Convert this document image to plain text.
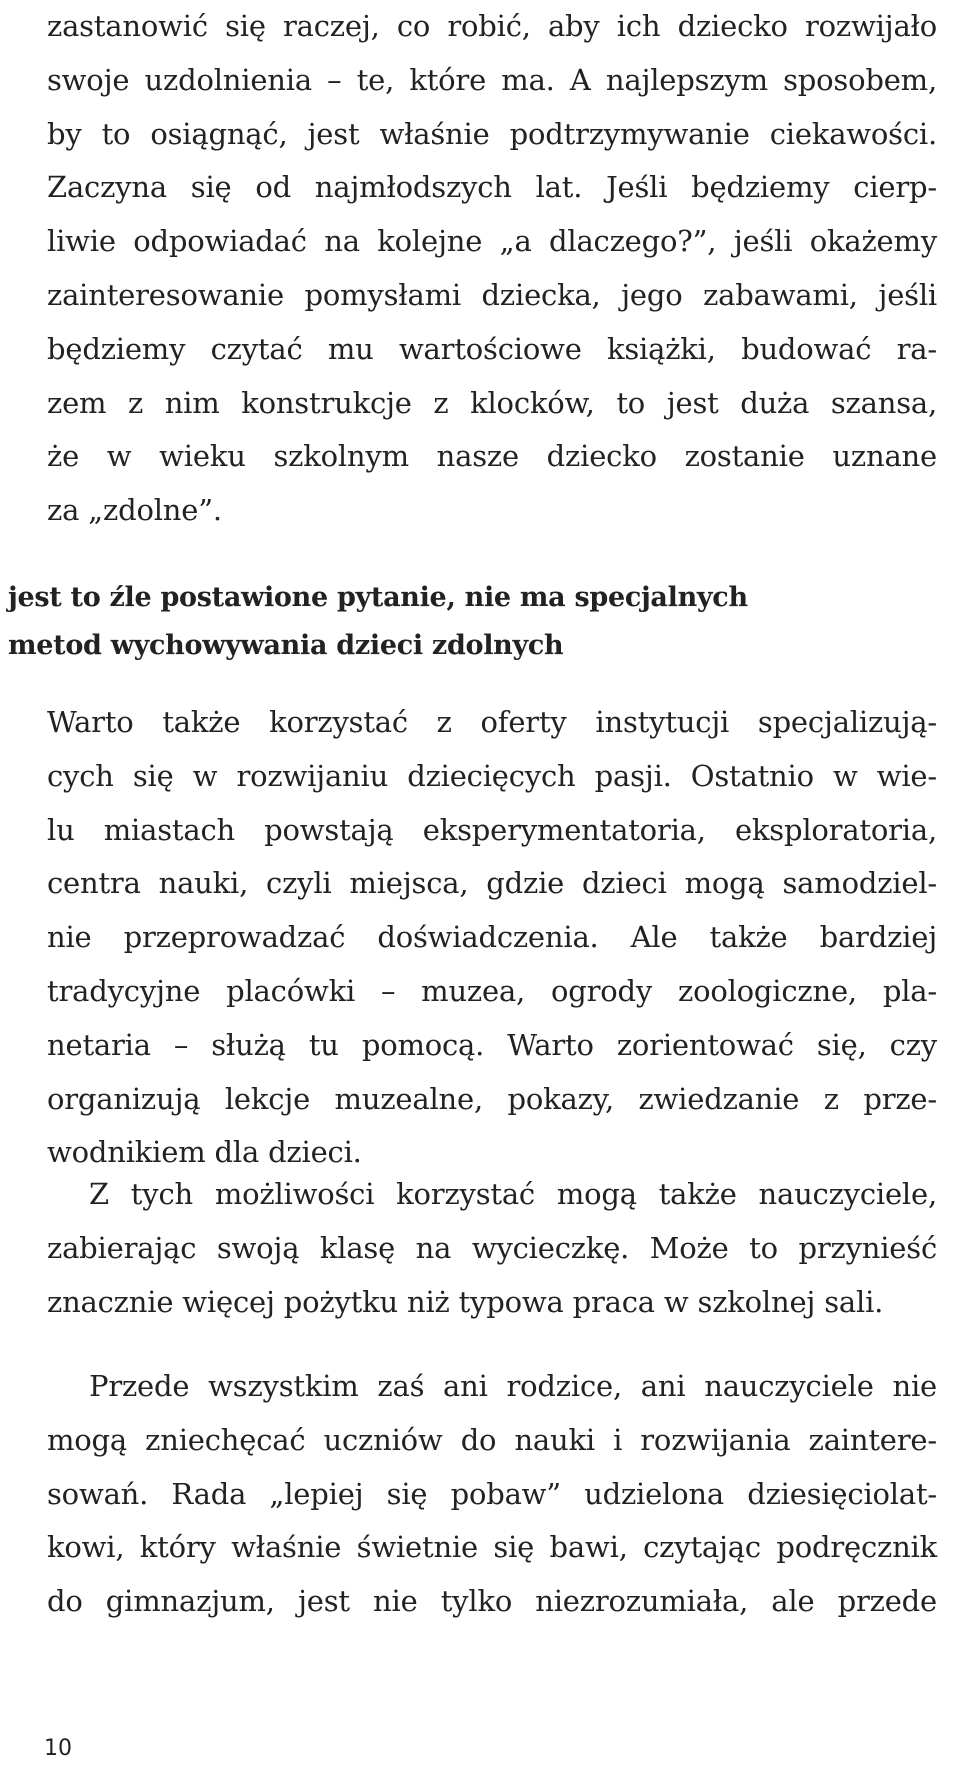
zastanowić się raczej, co robić, aby ich dziecko rozwijało
swoje uzdolnienia – te, które ma. A najlepszym sposobem,
by to osiągnąć, jest właśnie podtrzymywanie ciekawości.
Zaczyna się od najmłodszych lat. Jeśli będziemy cierp-
liwie odpowiadać na kolejne „a dlaczego?”, jeśli okażemy
zainteresowanie pomysłami dziecka, jego zabawami, jeśli
będziemy czytać mu wartościowe książki, budować ra-
zem z nim konstrukcje z klocków, to jest duża szansa,
że w wieku szkolnym nasze dziecko zostanie uznane
za „zdolne”.
jest to źle postawione pytanie, nie ma specjalnych
metod wychowywania dzieci zdolnych
Warto także korzystać z oferty instytucji specjalizują-
cych się w rozwijaniu dziecięcych pasji. Ostatnio w wie-
lu miastach powstają eksperymentatoria, eksploratoria,
centra nauki, czyli miejsca, gdzie dzieci mogą samodziel-
nie przeprowadzać doświadczenia. Ale także bardziej
tradycyjne placówki – muzea, ogrody zoologiczne, pla-
netaria – służą tu pomocą. Warto zorientować się, czy
organizują lekcje muzealne, pokazy, zwiedzanie z prze-
wodnikiem dla dzieci.
Z tych możliwości korzystać mogą także nauczyciele,
zabierając swoją klasę na wycieczkę. Może to przynieść
znacznie więcej pożytku niż typowa praca w szkolnej sali.
Przede wszystkim zaś ani rodzice, ani nauczyciele nie
mogą zniechęcać uczniów do nauki i rozwijania zaintere-
sowań. Rada „lepiej się pobaw” udzielona dziesięciolat-
kowi, który właśnie świetnie się bawi, czytając podręcznik
do gimnazjum, jest nie tylko niezrozumiała, ale przede
10
